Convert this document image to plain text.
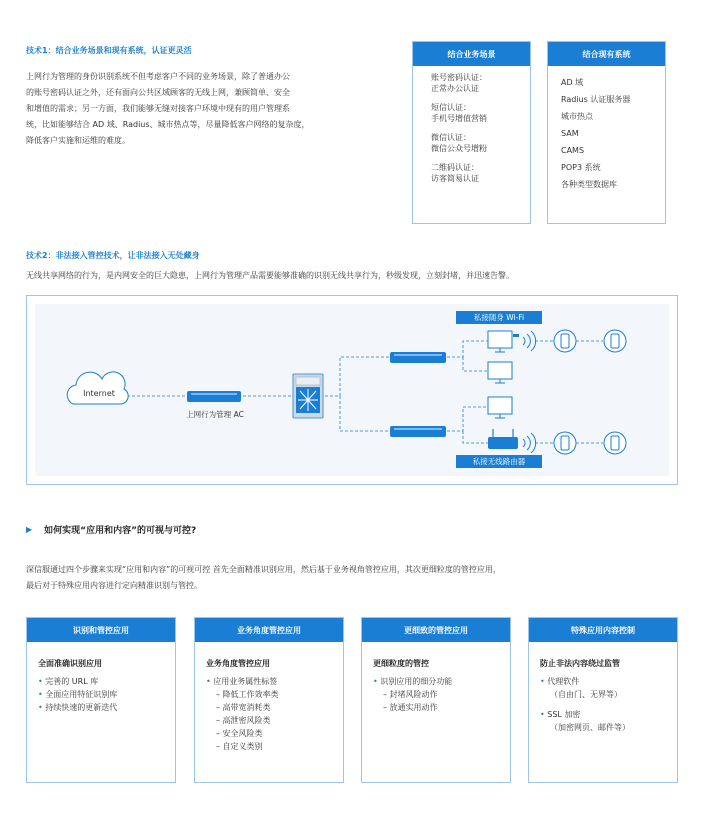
技术1：结合业务场景和现有系统，认证更灵活
上网行为管理的身份识别系统不但考虑客户不同的业务场景，除了普通办公
的账号密码认证之外，还有面向公共区域顾客的无线上网，兼顾简单、安全
和增值的需求；另一方面，我们能够无缝对接客户环境中现有的用户管理系
统，比如能够结合 AD 域、Radius、城市热点等，尽量降低客户网络的复杂度，
降低客户实施和运维的难度。
结合业务场景
账号密码认证：
正常办公认证
短信认证：
手机号增值营销
微信认证：
微信公众号增粉
二维码认证：
访客简易认证
结合现有系统
AD 域
Radius 认证服务器
城市热点
SAM
CAMS
POP3 系统
各种类型数据库
技术2：非法接入管控技术，让非法接入无处藏身
无线共享网络的行为，是内网安全的巨大隐患，上网行为管理产品需要能够准确的识别无线共享行为，秒级发现，立刻封堵，并迅速告警。
Internet
上网行为管理 AC
私接随身 Wi-Fi
私接无线路由器
▶ 如何实现“应用和内容”的可视与可控?
深信服通过四个步骤来实现“应用和内容”的可视可控 首先全面精准识别应用，然后基于业务视角管控应用，其次更细粒度的管控应用，
最后对于特殊应用内容进行定向精准识别与管控。
识别和管控应用
全面准确识别应用
• 完善的 URL 库
• 全面应用特征识别库
• 持续快速的更新迭代
业务角度管控应用
业务角度管控应用
• 应用业务属性标签
– 降低工作效率类
– 高带宽消耗类
– 高泄密风险类
– 安全风险类
– 自定义类别
更细致的管控应用
更细粒度的管控
• 识别应用的细分功能
– 封堵风险动作
– 放通实用动作
特殊应用内容控制
防止非法内容绕过监管
• 代理软件
（自由门、无界等）
• SSL 加密
（加密网页、邮件等）
